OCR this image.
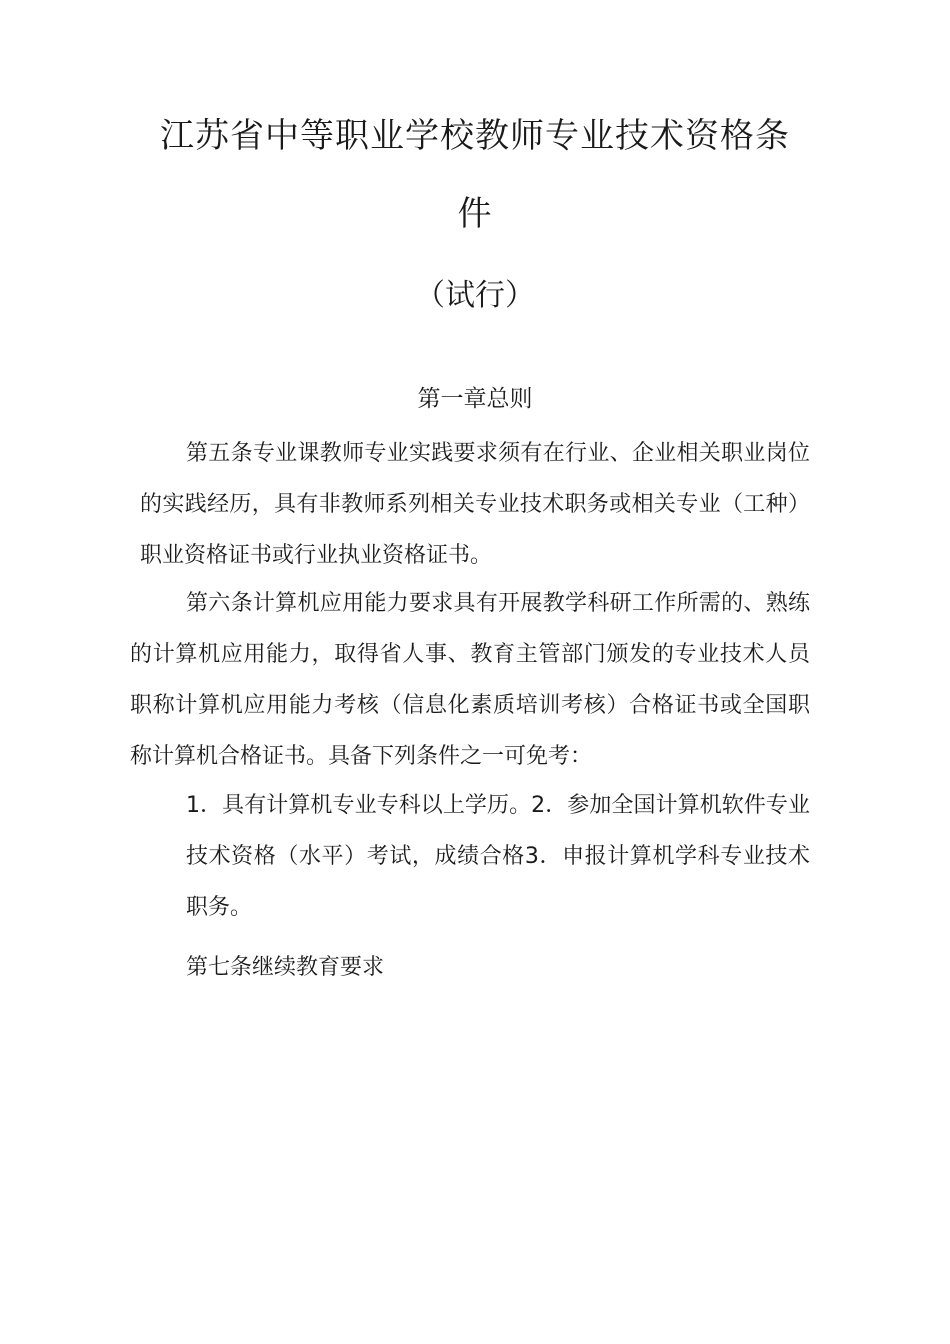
江苏省中等职业学校教师专业技术资格条
件
（试行）
第一章总则

第五条专业课教师专业实践要求须有在行业、企业相关职业岗位的实践经历，具有非教师系列相关专业技术职务或相关专业（工种）职业资格证书或行业执业资格证书。

第六条计算机应用能力要求具有开展教学科研工作所需的、熟练的计算机应用能力，取得省人事、教育主管部门颁发的专业技术人员职称计算机应用能力考核（信息化素质培训考核）合格证书或全国职称计算机合格证书。具备下列条件之一可免考：

1．具有计算机专业专科以上学历。2．参加全国计算机软件专业技术资格（水平）考试，成绩合格3．申报计算机学科专业技术职务。

第七条继续教育要求
